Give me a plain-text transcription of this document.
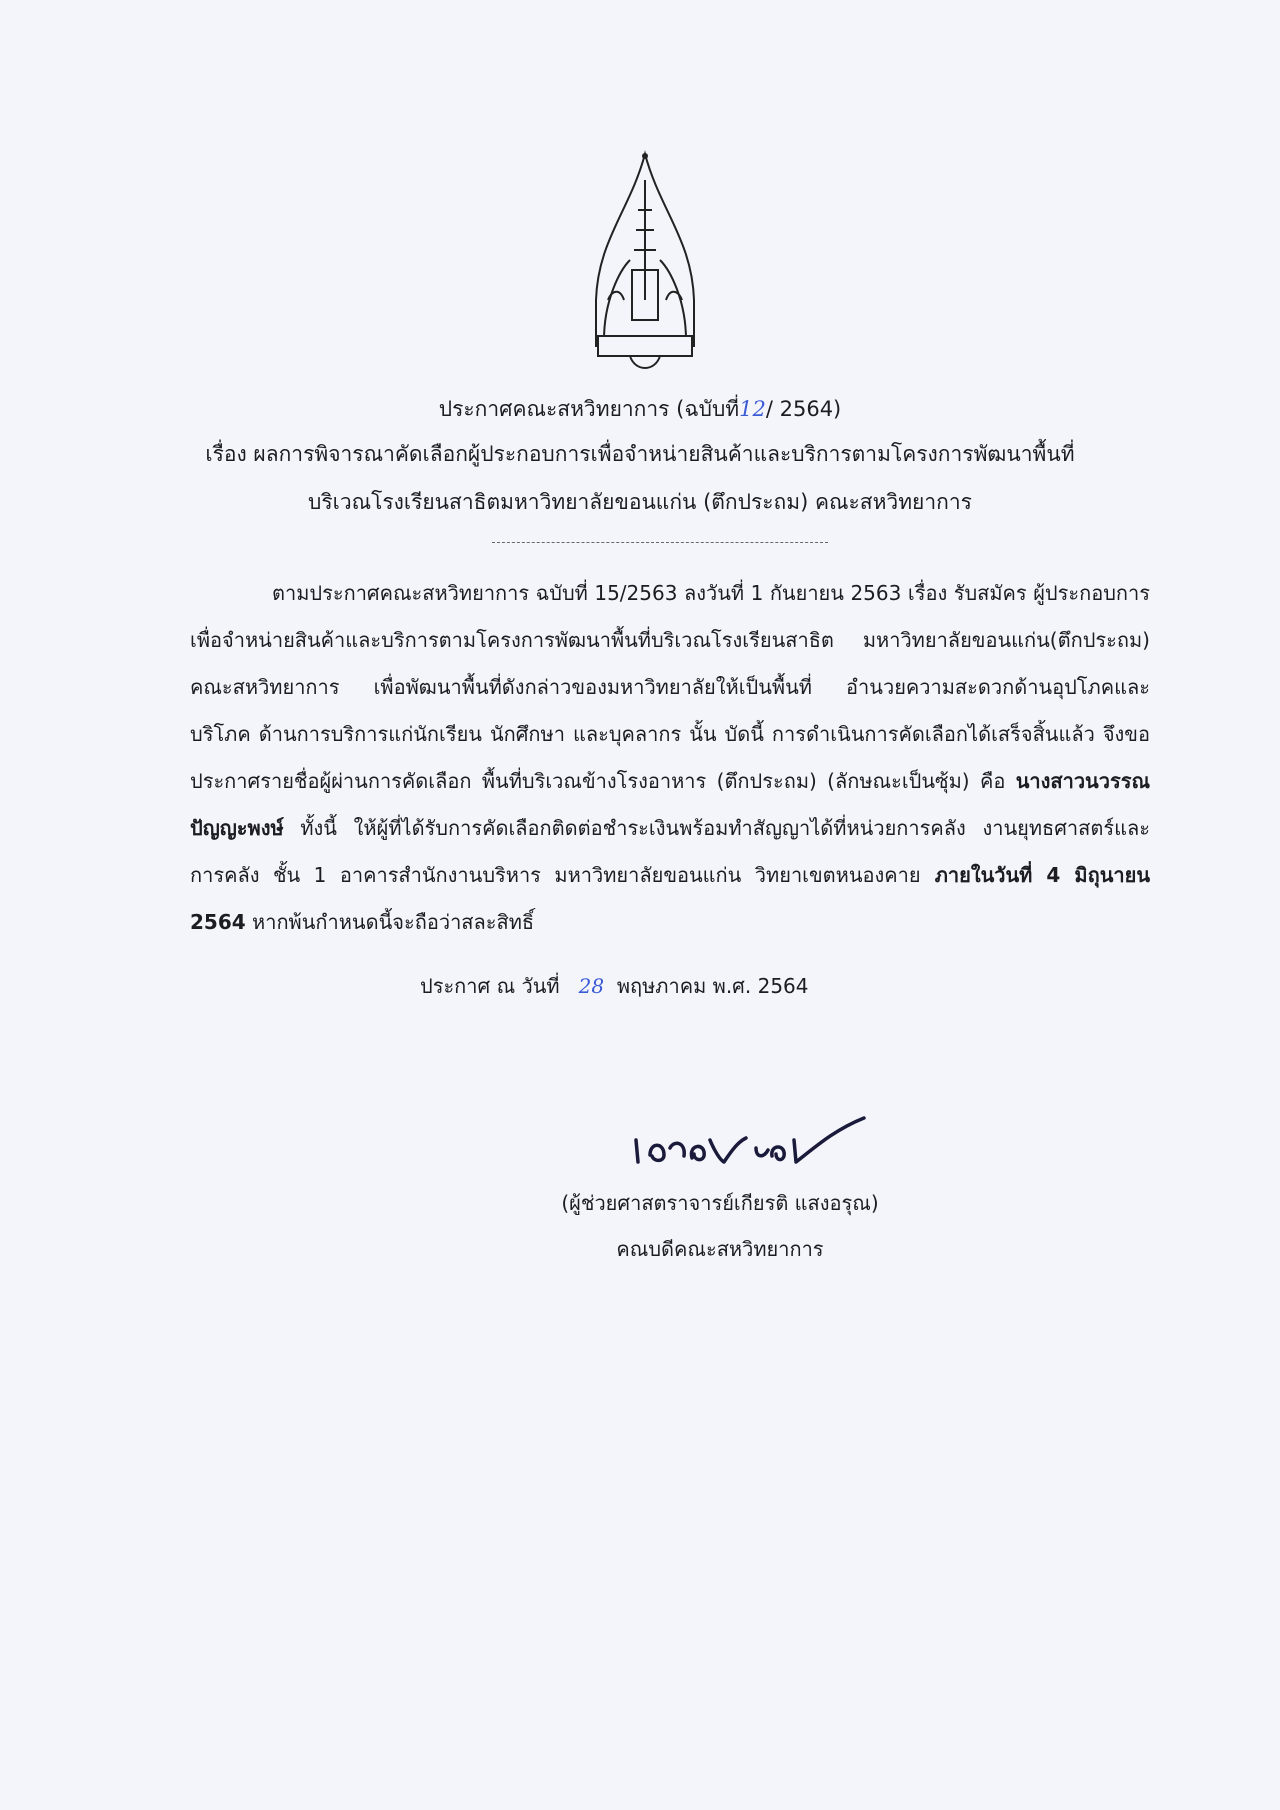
ประกาศคณะสหวิทยาการ (ฉบับที่12/ 2564)
เรื่อง ผลการพิจารณาคัดเลือกผู้ประกอบการเพื่อจำหน่ายสินค้าและบริการตามโครงการพัฒนาพื้นที่
บริเวณโรงเรียนสาธิตมหาวิทยาลัยขอนแก่น (ตึกประถม) คณะสหวิทยาการ
ตามประกาศคณะสหวิทยาการ ฉบับที่ 15/2563 ลงวันที่ 1 กันยายน 2563 เรื่อง รับสมัคร ผู้ประกอบการเพื่อจำหน่ายสินค้าและบริการตามโครงการพัฒนาพื้นที่บริเวณโรงเรียนสาธิต มหาวิทยาลัยขอนแก่น(ตึกประถม) คณะสหวิทยาการ เพื่อพัฒนาพื้นที่ดังกล่าวของมหาวิทยาลัยให้เป็นพื้นที่ อำนวยความสะดวกด้านอุปโภคและบริโภค ด้านการบริการแก่นักเรียน นักศึกษา และบุคลากร นั้น บัดนี้ การดำเนินการคัดเลือกได้เสร็จสิ้นแล้ว จึงขอประกาศรายชื่อผู้ผ่านการคัดเลือก พื้นที่บริเวณข้างโรงอาหาร (ตึกประถม) (ลักษณะเป็นซุ้ม) คือ นางสาวนวรรณ ปัญญะพงษ์ ทั้งนี้ ให้ผู้ที่ได้รับการคัดเลือกติดต่อชำระเงินพร้อมทำสัญญาได้ที่หน่วยการคลัง งานยุทธศาสตร์และการคลัง ชั้น 1 อาคารสำนักงานบริหาร มหาวิทยาลัยขอนแก่น วิทยาเขตหนองคาย ภายในวันที่ 4 มิถุนายน 2564 หากพ้นกำหนดนี้จะถือว่าสละสิทธิ์
ประกาศ ณ วันที่ 28 พฤษภาคม พ.ศ. 2564
(ผู้ช่วยศาสตราจารย์เกียรติ แสงอรุณ)
คณบดีคณะสหวิทยาการ
